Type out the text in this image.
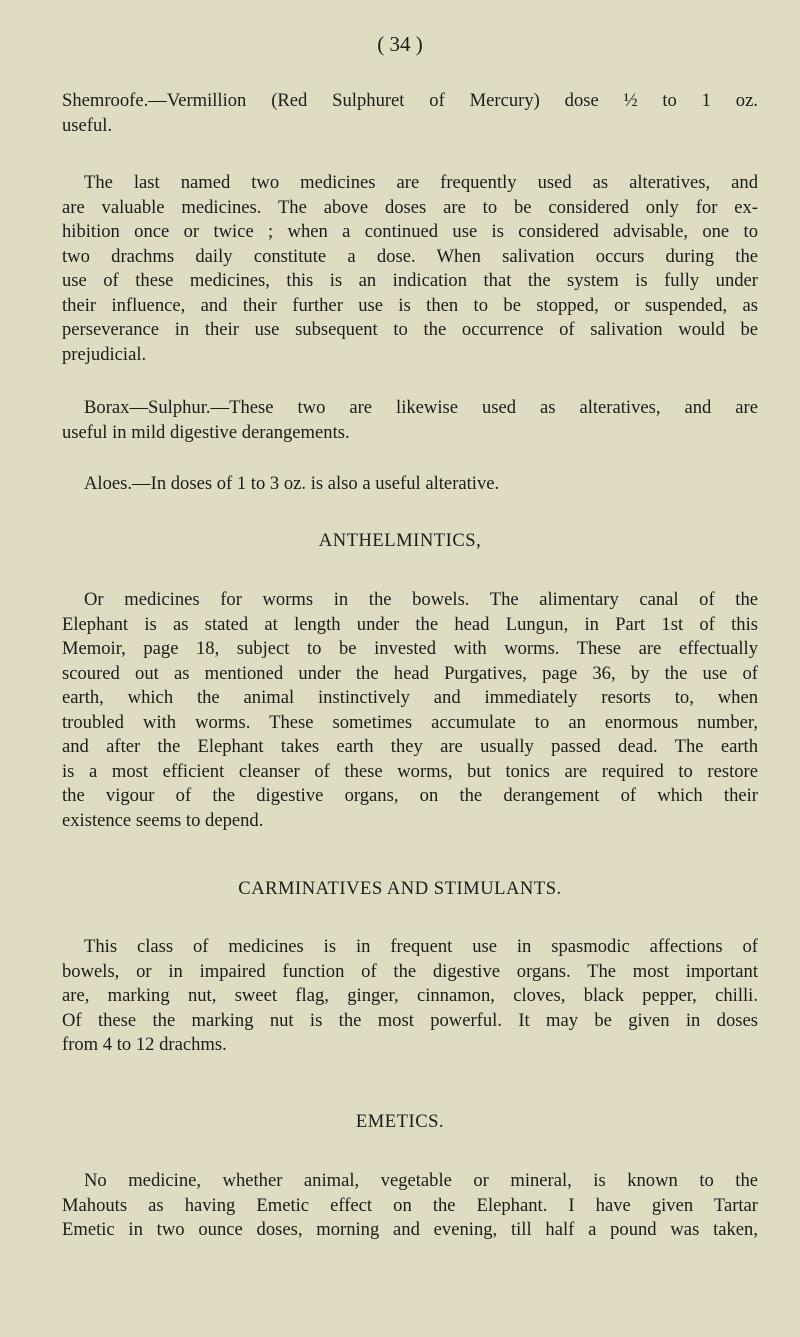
( 34 )
Shemroofe.—Vermillion (Red Sulphuret of Mercury) dose ½ to 1 oz.
useful.
The last named two medicines are frequently used as alteratives, and
are valuable medicines. The above doses are to be considered only for ex-
hibition once or twice ; when a continued use is considered advisable, one to
two drachms daily constitute a dose. When salivation occurs during the
use of these medicines, this is an indication that the system is fully under
their influence, and their further use is then to be stopped, or suspended, as
perseverance in their use subsequent to the occurrence of salivation would be
prejudicial.
Borax—Sulphur.—These two are likewise used as alteratives, and are
useful in mild digestive derangements.
Aloes.—In doses of 1 to 3 oz. is also a useful alterative.
ANTHELMINTICS,
Or medicines for worms in the bowels. The alimentary canal of the
Elephant is as stated at length under the head Lungun, in Part 1st of this
Memoir, page 18, subject to be invested with worms. These are effectually
scoured out as mentioned under the head Purgatives, page 36, by the use of
earth, which the animal instinctively and immediately resorts to, when
troubled with worms. These sometimes accumulate to an enormous number,
and after the Elephant takes earth they are usually passed dead. The earth
is a most efficient cleanser of these worms, but tonics are required to restore
the vigour of the digestive organs, on the derangement of which their
existence seems to depend.
CARMINATIVES AND STIMULANTS.
This class of medicines is in frequent use in spasmodic affections of
bowels, or in impaired function of the digestive organs. The most important
are, marking nut, sweet flag, ginger, cinnamon, cloves, black pepper, chilli.
Of these the marking nut is the most powerful. It may be given in doses
from 4 to 12 drachms.
EMETICS.
No medicine, whether animal, vegetable or mineral, is known to the
Mahouts as having Emetic effect on the Elephant. I have given Tartar
Emetic in two ounce doses, morning and evening, till half a pound was taken,
